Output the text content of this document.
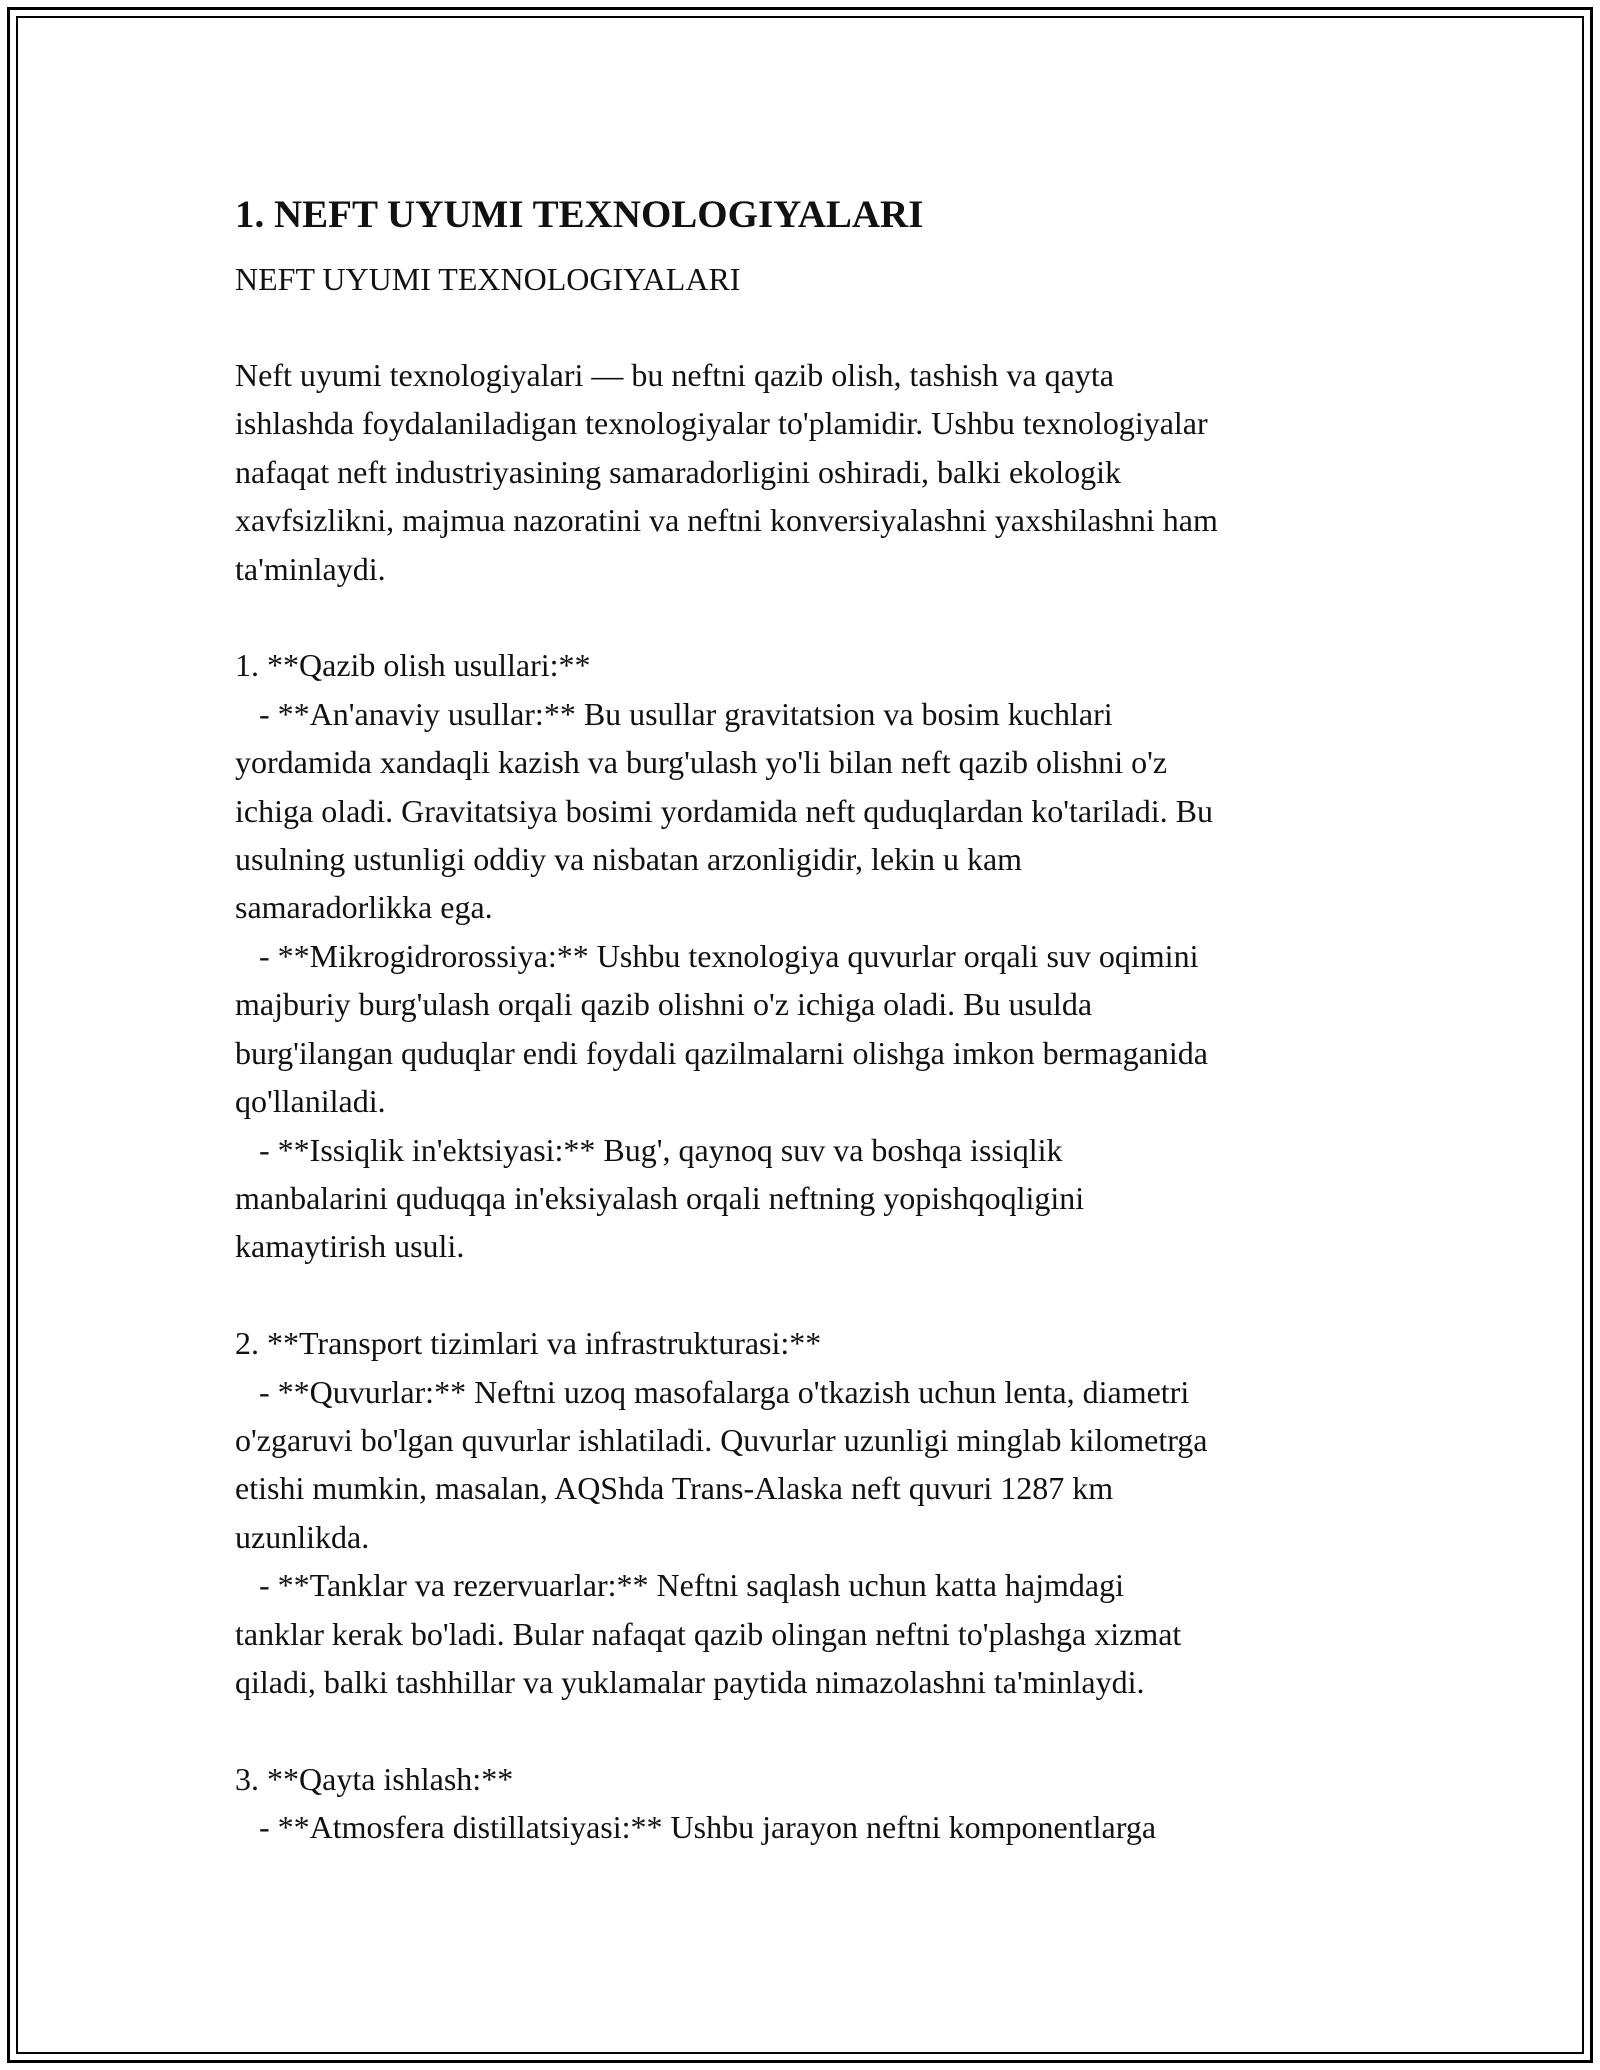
1. NEFT UYUMI TEXNOLOGIYALARI

NEFT UYUMI TEXNOLOGIYALARI

Neft uyumi texnologiyalari — bu neftni qazib olish, tashish va qayta
ishlashda foydalaniladigan texnologiyalar to'plamidir. Ushbu texnologiyalar
nafaqat neft industriyasining samaradorligini oshiradi, balki ekologik
xavfsizlikni, majmua nazoratini va neftni konversiyalashni yaxshilashni ham
ta'minlaydi.

1. **Qazib olish usullari:**
- **An'anaviy usullar:** Bu usullar gravitatsion va bosim kuchlari
yordamida xandaqli kazish va burg'ulash yo'li bilan neft qazib olishni o'z
ichiga oladi. Gravitatsiya bosimi yordamida neft quduqlardan ko'tariladi. Bu
usulning ustunligi oddiy va nisbatan arzonligidir, lekin u kam
samaradorlikka ega.
- **Mikrogidrorossiya:** Ushbu texnologiya quvurlar orqali suv oqimini
majburiy burg'ulash orqali qazib olishni o'z ichiga oladi. Bu usulda
burg'ilangan quduqlar endi foydali qazilmalarni olishga imkon bermaganida
qo'llaniladi.
- **Issiqlik in'ektsiyasi:** Bug', qaynoq suv va boshqa issiqlik
manbalarini quduqqa in'eksiyalash orqali neftning yopishqoqligini
kamaytirish usuli.

2. **Transport tizimlari va infrastrukturasi:**
- **Quvurlar:** Neftni uzoq masofalarga o'tkazish uchun lenta, diametri
o'zgaruvi bo'lgan quvurlar ishlatiladi. Quvurlar uzunligi minglab kilometrga
etishi mumkin, masalan, AQShda Trans-Alaska neft quvuri 1287 km
uzunlikda.
- **Tanklar va rezervuarlar:** Neftni saqlash uchun katta hajmdagi
tanklar kerak bo'ladi. Bular nafaqat qazib olingan neftni to'plashga xizmat
qiladi, balki tashhillar va yuklamalar paytida nimazolashni ta'minlaydi.

3. **Qayta ishlash:**
- **Atmosfera distillatsiyasi:** Ushbu jarayon neftni komponentlarga
